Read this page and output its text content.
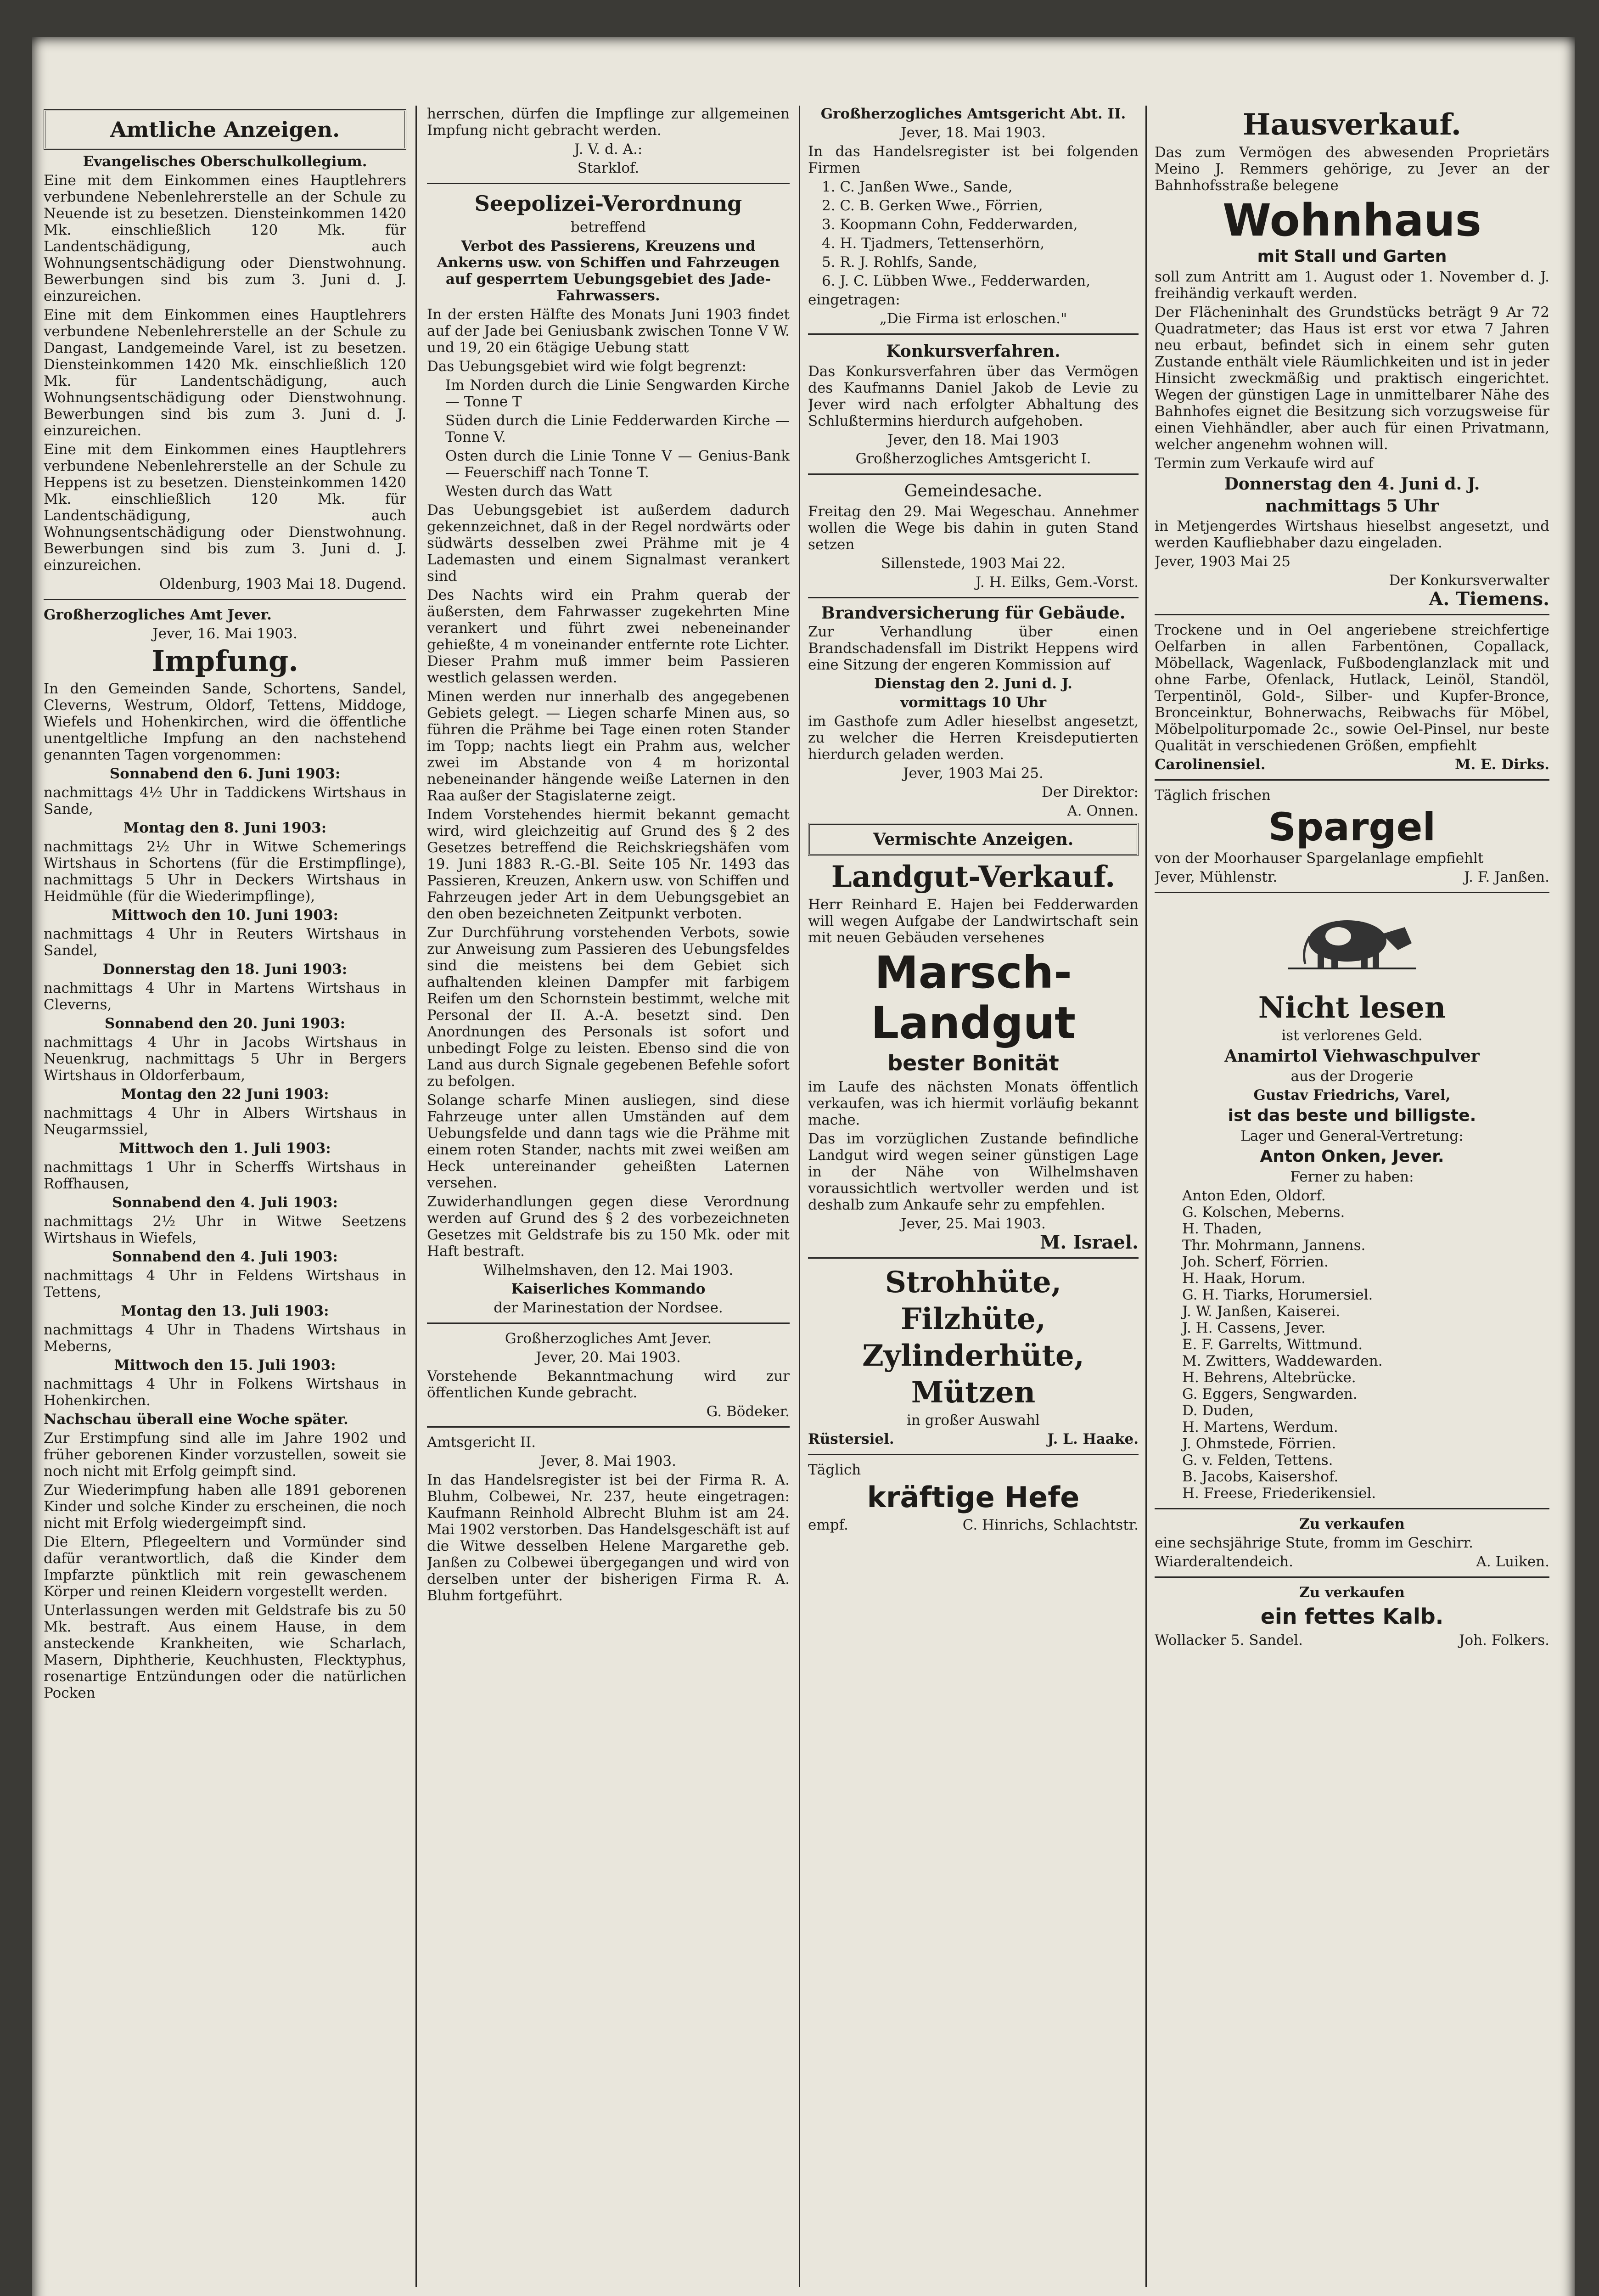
Amtliche Anzeigen.
Evangelisches Oberschulkollegium.
Eine mit dem Einkommen eines Hauptlehrers verbundene Nebenlehrerstelle an der Schule zu Neuende ist zu besetzen. Diensteinkommen 1420 Mk. einschließlich 120 Mk. für Landentschädigung, auch Wohnungsentschädigung oder Dienstwohnung. Bewerbungen sind bis zum 3. Juni d. J. einzureichen.
Eine mit dem Einkommen eines Hauptlehrers verbundene Nebenlehrerstelle an der Schule zu Dangast, Landgemeinde Varel, ist zu besetzen. Diensteinkommen 1420 Mk. einschließlich 120 Mk. für Landentschädigung, auch Wohnungsentschädigung oder Dienstwohnung. Bewerbungen sind bis zum 3. Juni d. J. einzureichen.
Eine mit dem Einkommen eines Hauptlehrers verbundene Nebenlehrerstelle an der Schule zu Heppens ist zu besetzen. Diensteinkommen 1420 Mk. einschließlich 120 Mk. für Landentschädigung, auch Wohnungsentschädigung oder Dienstwohnung. Bewerbungen sind bis zum 3. Juni d. J. einzureichen.
Oldenburg, 1903 Mai 18. Dugend.
Großherzogliches Amt Jever.
Jever, 16. Mai 1903.
Impfung.
In den Gemeinden Sande, Schortens, Sandel, Cleverns, Westrum, Oldorf, Tettens, Middoge, Wiefels und Hohenkirchen, wird die öffentliche unentgeltliche Impfung an den nachstehend genannten Tagen vorgenommen:
Sonnabend den 6. Juni 1903:
nachmittags 4½ Uhr in Taddickens Wirtshaus in Sande,
Montag den 8. Juni 1903:
nachmittags 2½ Uhr in Witwe Schemerings Wirtshaus in Schortens (für die Erstimpflinge), nachmittags 5 Uhr in Deckers Wirtshaus in Heidmühle (für die Wiederimpflinge),
Mittwoch den 10. Juni 1903:
nachmittags 4 Uhr in Reuters Wirtshaus in Sandel,
Donnerstag den 18. Juni 1903:
nachmittags 4 Uhr in Martens Wirtshaus in Cleverns,
Sonnabend den 20. Juni 1903:
nachmittags 4 Uhr in Jacobs Wirtshaus in Neuenkrug, nachmittags 5 Uhr in Bergers Wirtshaus in Oldorferbaum,
Montag den 22 Juni 1903:
nachmittags 4 Uhr in Albers Wirtshaus in Neugarmssiel,
Mittwoch den 1. Juli 1903:
nachmittags 1 Uhr in Scherffs Wirtshaus in Roffhausen,
Sonnabend den 4. Juli 1903:
nachmittags 2½ Uhr in Witwe Seetzens Wirtshaus in Wiefels,
Sonnabend den 4. Juli 1903:
nachmittags 4 Uhr in Feldens Wirtshaus in Tettens,
Montag den 13. Juli 1903:
nachmittags 4 Uhr in Thadens Wirtshaus in Meberns,
Mittwoch den 15. Juli 1903:
nachmittags 4 Uhr in Folkens Wirtshaus in Hohenkirchen.
Nachschau überall eine Woche später.
Zur Erstimpfung sind alle im Jahre 1902 und früher geborenen Kinder vorzustellen, soweit sie noch nicht mit Erfolg geimpft sind.
Zur Wiederimpfung haben alle 1891 geborenen Kinder und solche Kinder zu erscheinen, die noch nicht mit Erfolg wiedergeimpft sind.
Die Eltern, Pflegeeltern und Vormünder sind dafür verantwortlich, daß die Kinder dem Impfarzte pünktlich mit rein gewaschenem Körper und reinen Kleidern vorgestellt werden.
Unterlassungen werden mit Geldstrafe bis zu 50 Mk. bestraft. Aus einem Hause, in dem ansteckende Krankheiten, wie Scharlach, Masern, Diphtherie, Keuchhusten, Flecktyphus, rosenartige Entzündungen oder die natürlichen Pocken
herrschen, dürfen die Impflinge zur allgemeinen Impfung nicht gebracht werden.
J. V. d. A.:
Starklof.
Seepolizei-Verordnung
betreffend
Verbot des Passierens, Kreuzens und Ankerns usw. von Schiffen und Fahrzeugen auf gesperrtem Uebungsgebiet des Jade-Fahrwassers.
In der ersten Hälfte des Monats Juni 1903 findet auf der Jade bei Geniusbank zwischen Tonne V W. und 19, 20 ein 6tägige Uebung statt
Das Uebungsgebiet wird wie folgt begrenzt:
Im Norden durch die Linie Sengwarden Kirche — Tonne T
Süden durch die Linie Fedderwarden Kirche — Tonne V.
Osten durch die Linie Tonne V — Genius-Bank — Feuerschiff nach Tonne T.
Westen durch das Watt
Das Uebungsgebiet ist außerdem dadurch gekennzeichnet, daß in der Regel nordwärts oder südwärts desselben zwei Prähme mit je 4 Lademasten und einem Signalmast verankert sind
Des Nachts wird ein Prahm querab der äußersten, dem Fahrwasser zugekehrten Mine verankert und führt zwei nebeneinander gehießte, 4 m voneinander entfernte rote Lichter. Dieser Prahm muß immer beim Passieren westlich gelassen werden.
Minen werden nur innerhalb des angegebenen Gebiets gelegt. — Liegen scharfe Minen aus, so führen die Prähme bei Tage einen roten Stander im Topp; nachts liegt ein Prahm aus, welcher zwei im Abstande von 4 m horizontal nebeneinander hängende weiße Laternen in den Raa außer der Stagislaterne zeigt.
Indem Vorstehendes hiermit bekannt gemacht wird, wird gleichzeitig auf Grund des § 2 des Gesetzes betreffend die Reichskriegshäfen vom 19. Juni 1883 R.-G.-Bl. Seite 105 Nr. 1493 das Passieren, Kreuzen, Ankern usw. von Schiffen und Fahrzeugen jeder Art in dem Uebungsgebiet an den oben bezeichneten Zeitpunkt verboten.
Zur Durchführung vorstehenden Verbots, sowie zur Anweisung zum Passieren des Uebungsfeldes sind die meistens bei dem Gebiet sich aufhaltenden kleinen Dampfer mit farbigem Reifen um den Schornstein bestimmt, welche mit Personal der II. A.-A. besetzt sind. Den Anordnungen des Personals ist sofort und unbedingt Folge zu leisten. Ebenso sind die von Land aus durch Signale gegebenen Befehle sofort zu befolgen.
Solange scharfe Minen ausliegen, sind diese Fahrzeuge unter allen Umständen auf dem Uebungsfelde und dann tags wie die Prähme mit einem roten Stander, nachts mit zwei weißen am Heck untereinander geheißten Laternen versehen.
Zuwiderhandlungen gegen diese Verordnung werden auf Grund des § 2 des vorbezeichneten Gesetzes mit Geldstrafe bis zu 150 Mk. oder mit Haft bestraft.
Wilhelmshaven, den 12. Mai 1903.
Kaiserliches Kommando
der Marinestation der Nordsee.
Großherzogliches Amt Jever.
Jever, 20. Mai 1903.
Vorstehende Bekanntmachung wird zur öffentlichen Kunde gebracht.
G. Bödeker.
Amtsgericht II.
Jever, 8. Mai 1903.
In das Handelsregister ist bei der Firma R. A. Bluhm, Colbewei, Nr. 237, heute eingetragen: Kaufmann Reinhold Albrecht Bluhm ist am 24. Mai 1902 verstorben. Das Handelsgeschäft ist auf die Witwe desselben Helene Margarethe geb. Janßen zu Colbewei übergegangen und wird von derselben unter der bisherigen Firma R. A. Bluhm fortgeführt.
Großherzogliches Amtsgericht Abt. II.
Jever, 18. Mai 1903.
In das Handelsregister ist bei folgenden Firmen
1. C. Janßen Wwe., Sande,
2. C. B. Gerken Wwe., Förrien,
3. Koopmann Cohn, Fedderwarden,
4. H. Tjadmers, Tettenserhörn,
5. R. J. Rohlfs, Sande,
6. J. C. Lübben Wwe., Fedderwarden,
eingetragen:
„Die Firma ist erloschen."
Konkursverfahren.
Das Konkursverfahren über das Vermögen des Kaufmanns Daniel Jakob de Levie zu Jever wird nach erfolgter Abhaltung des Schlußtermins hierdurch aufgehoben.
Jever, den 18. Mai 1903
Großherzogliches Amtsgericht I.
Gemeindesache.
Freitag den 29. Mai Wegeschau. Annehmer wollen die Wege bis dahin in guten Stand setzen
Sillenstede, 1903 Mai 22.
J. H. Eilks, Gem.-Vorst.
Brandversicherung für Gebäude.
Zur Verhandlung über einen Brandschadensfall im Distrikt Heppens wird eine Sitzung der engeren Kommission auf
Dienstag den 2. Juni d. J.
vormittags 10 Uhr
im Gasthofe zum Adler hieselbst angesetzt, zu welcher die Herren Kreisdeputierten hierdurch geladen werden.
Jever, 1903 Mai 25.
Der Direktor:
A. Onnen.
Vermischte Anzeigen.
Landgut-Verkauf.
Herr Reinhard E. Hajen bei Fedderwarden will wegen Aufgabe der Landwirtschaft sein mit neuen Gebäuden versehenes
Marsch-
Landgut
bester Bonität
im Laufe des nächsten Monats öffentlich verkaufen, was ich hiermit vorläufig bekannt mache.
Das im vorzüglichen Zustande befindliche Landgut wird wegen seiner günstigen Lage in der Nähe von Wilhelmshaven voraussichtlich wertvoller werden und ist deshalb zum Ankaufe sehr zu empfehlen.
Jever, 25. Mai 1903.
M. Israel.
Strohhüte,
Filzhüte,
Zylinderhüte,
Mützen
in großer Auswahl
Rüstersiel.	J. L. Haake.
Täglich
kräftige Hefe
empf.	C. Hinrichs, Schlachtstr.
Hausverkauf.
Das zum Vermögen des abwesenden Proprietärs Meino J. Remmers gehörige, zu Jever an der Bahnhofsstraße belegene
Wohnhaus
mit Stall und Garten
soll zum Antritt am 1. August oder 1. November d. J. freihändig verkauft werden.
Der Flächeninhalt des Grundstücks beträgt 9 Ar 72 Quadratmeter; das Haus ist erst vor etwa 7 Jahren neu erbaut, befindet sich in einem sehr guten Zustande enthält viele Räumlichkeiten und ist in jeder Hinsicht zweckmäßig und praktisch eingerichtet. Wegen der günstigen Lage in unmittelbarer Nähe des Bahnhofes eignet die Besitzung sich vorzugsweise für einen Viehhändler, aber auch für einen Privatmann, welcher angenehm wohnen will.
Termin zum Verkaufe wird auf
Donnerstag den 4. Juni d. J.
nachmittags 5 Uhr
in Metjengerdes Wirtshaus hieselbst angesetzt, und werden Kaufliebhaber dazu eingeladen.
Jever, 1903 Mai 25
Der Konkursverwalter
A. Tiemens.
Trockene und in Oel angeriebene streichfertige Oelfarben in allen Farbentönen, Copallack, Möbellack, Wagenlack, Fußbodenglanzlack mit und ohne Farbe, Ofenlack, Hutlack, Leinöl, Standöl, Terpentinöl, Gold-, Silber- und Kupfer-Bronce, Bronceinktur, Bohnerwachs, Reibwachs für Möbel, Möbelpoliturpomade 2c., sowie Oel-Pinsel, nur beste Qualität in verschiedenen Größen, empfiehlt
Carolinensiel.	M. E. Dirks.
Täglich frischen
Spargel
von der Moorhauser Spargelanlage empfiehlt
Jever, Mühlenstr.	J. F. Janßen.
Nicht lesen
ist verlorenes Geld.
Anamirtol Viehwaschpulver
aus der Drogerie
Gustav Friedrichs, Varel,
ist das beste und billigste.
Lager und General-Vertretung:
Anton Onken, Jever.
Ferner zu haben:
Anton Eden, Oldorf.
G. Kolschen, Meberns.
H. Thaden,
Thr. Mohrmann, Jannens.
Joh. Scherf, Förrien.
H. Haak, Horum.
G. H. Tiarks, Horumersiel.
J. W. Janßen, Kaiserei.
J. H. Cassens, Jever.
E. F. Garrelts, Wittmund.
M. Zwitters, Waddewarden.
H. Behrens, Altebrücke.
G. Eggers, Sengwarden.
D. Duden,
H. Martens, Werdum.
J. Ohmstede, Förrien.
G. v. Felden, Tettens.
B. Jacobs, Kaisershof.
H. Freese, Friederikensiel.
Zu verkaufen
eine sechsjährige Stute, fromm im Geschirr.
Wiarderaltendeich.	A. Luiken.
Zu verkaufen
ein fettes Kalb.
Wollacker 5. Sandel.	Joh. Folkers.
